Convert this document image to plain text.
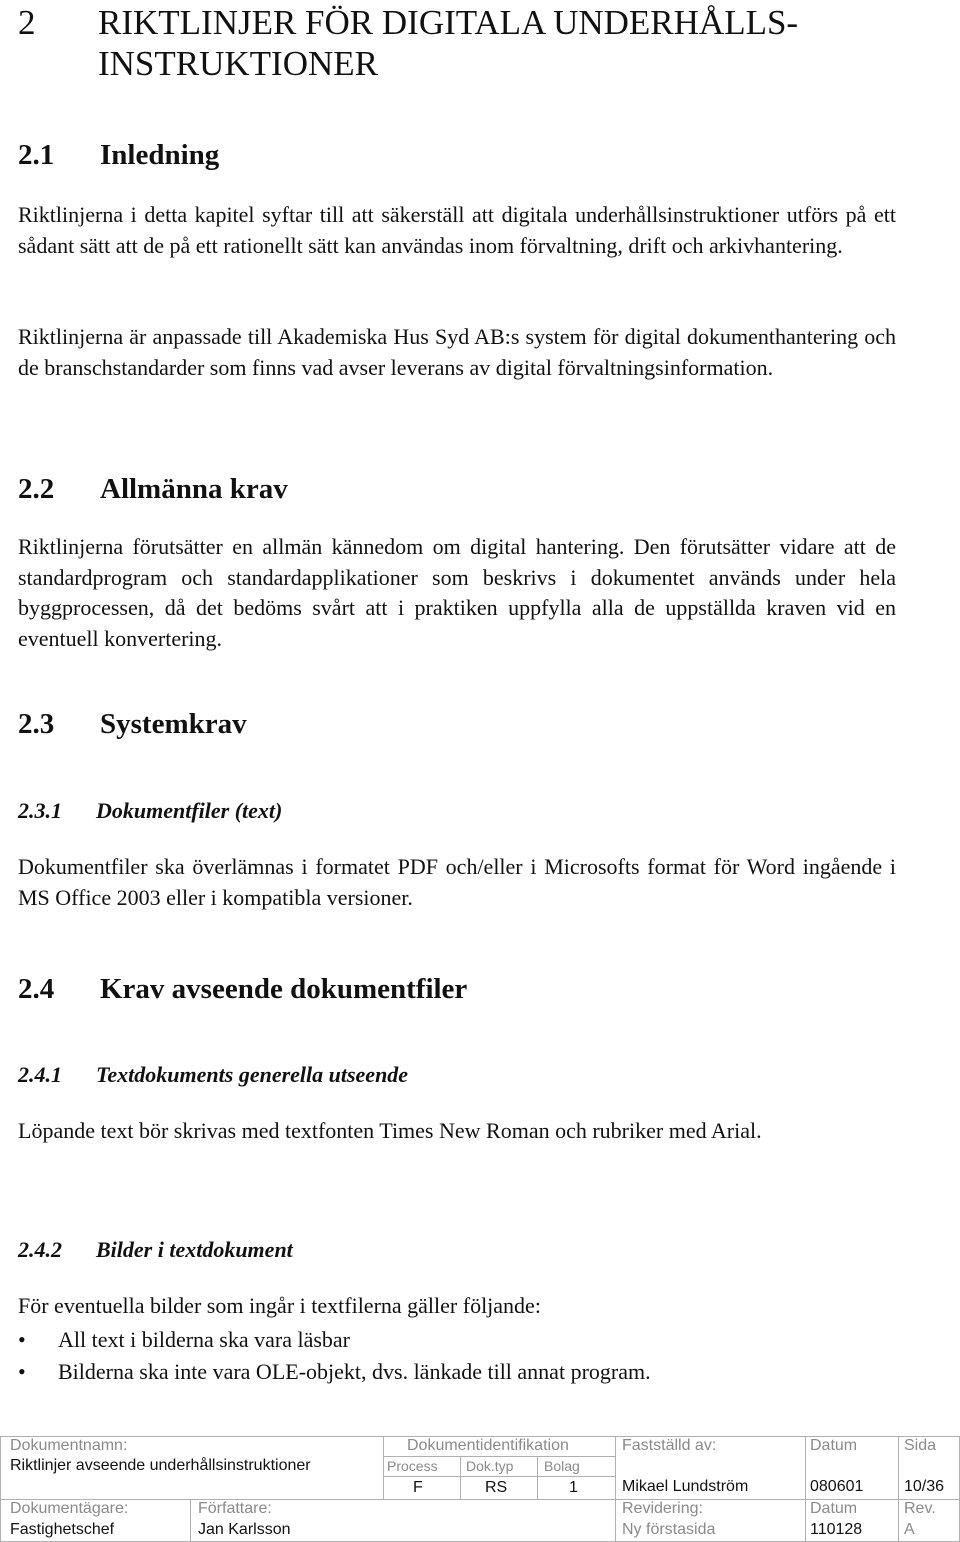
2 RIKTLINJER FÖR DIGITALA UNDERHÅLLS-INSTRUKTIONER
2.1 Inledning

Riktlinjerna i detta kapitel syftar till att säkerställ att digitala underhållsinstruktioner utförs på ett sådant sätt att de på ett rationellt sätt kan användas inom förvaltning, drift och arkivhantering.

Riktlinjerna är anpassade till Akademiska Hus Syd AB:s system för digital dokumenthantering och de branschstandarder som finns vad avser leverans av digital förvaltningsinformation.

2.2 Allmänna krav

Riktlinjerna förutsätter en allmän kännedom om digital hantering. Den förutsätter vidare att de standardprogram och standardapplikationer som beskrivs i dokumentet används under hela byggprocessen, då det bedöms svårt att i praktiken uppfylla alla de uppställda kraven vid en eventuell konvertering.

2.3 Systemkrav
2.3.1 Dokumentfiler (text)

Dokumentfiler ska överlämnas i formatet PDF och/eller i Microsofts format för Word ingående i MS Office 2003 eller i kompatibla versioner.

2.4 Krav avseende dokumentfiler
2.4.1 Textdokuments generella utseende

Löpande text bör skrivas med textfonten Times New Roman och rubriker med Arial.

2.4.2 Bilder i textdokument

För eventuella bilder som ingår i textfilerna gäller följande:

• All text i bilderna ska vara läsbar
• Bilderna ska inte vara OLE-objekt, dvs. länkade till annat program.
Dokumentnamn:
Riktlinjer avseende underhållsinstruktioner
Dokumentidentifikation
Process Dok.typ Bolag
F	RS	1
Fastställd av:
Mikael Lundström
Datum
080601
Sida
10/36
Dokumentägare:
Fastighetschef
Författare:
Jan Karlsson
Revidering:
Ny förstasida
Datum
110128
Rev.
A
